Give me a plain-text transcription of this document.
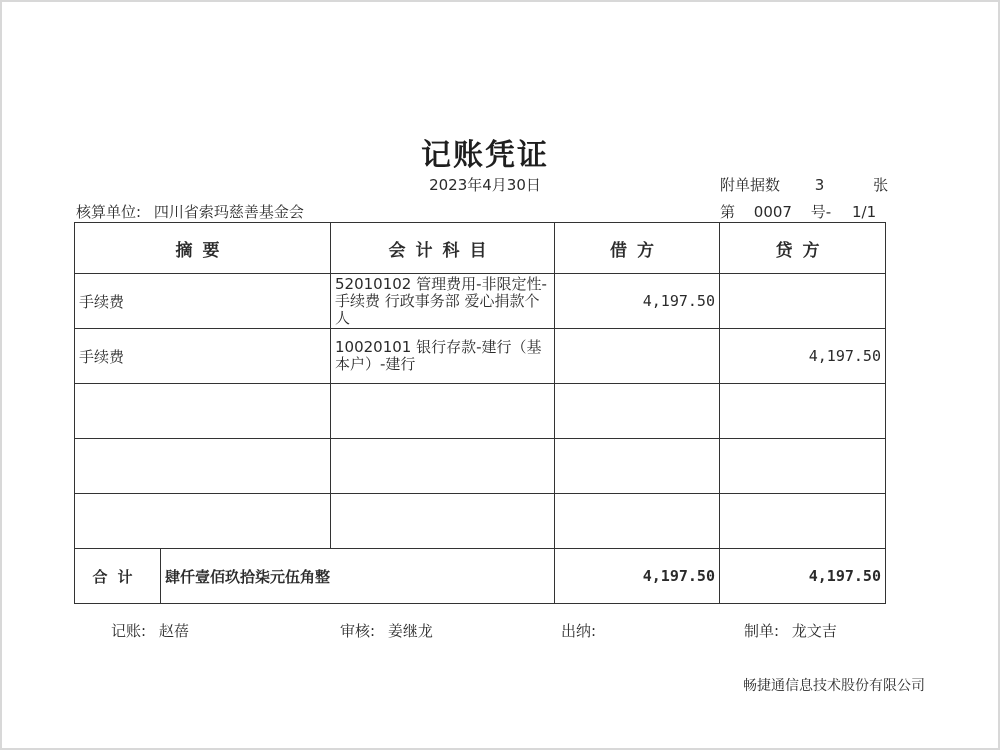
记账凭证
2023年4月30日
核算单位: 四川省索玛慈善基金会
附单据数 3	张
第 0007 号- 1/1
摘要		会计科目	借方	贷方
手续费		52010102 管理费用-非限定性-手续费 行政事务部 爱心捐款个人	4,197.50	
手续费		10020101 银行存款-建行（基本户）-建行		4,197.50

合计	肆仟壹佰玖拾柒元伍角整		4,197.50	4,197.50
记账: 赵蓓	审核: 姜继龙	出纳:	制单: 龙文吉
畅捷通信息技术股份有限公司
